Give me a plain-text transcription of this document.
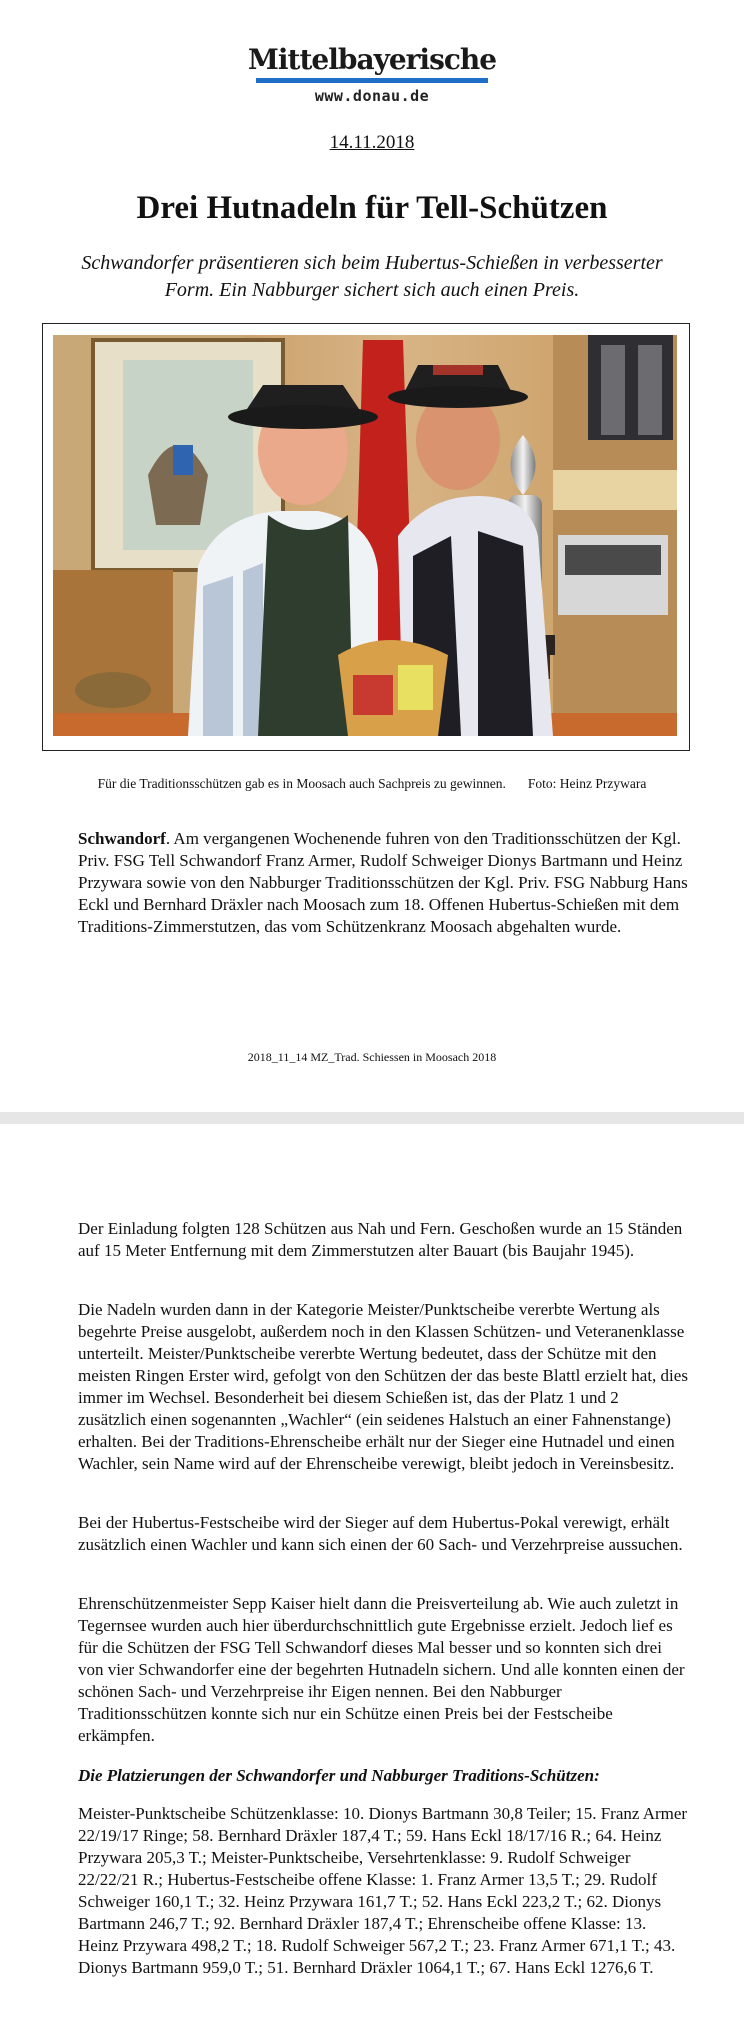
Mittelbayerische
www.donau.de
14.11.2018
Drei Hutnadeln für Tell-Schützen

Schwandorfer präsentieren sich beim Hubertus-Schießen in verbesserter Form. Ein Nabburger sichert sich auch einen Preis.

Für die Traditionsschützen gab es in Moosach auch Sachpreis zu gewinnen. Foto: Heinz Przywara

Schwandorf. Am vergangenen Wochenende fuhren von den Traditionsschützen der Kgl. Priv. FSG Tell Schwandorf Franz Armer, Rudolf Schweiger Dionys Bartmann und Heinz Przywara sowie von den Nabburger Traditionsschützen der Kgl. Priv. FSG Nabburg Hans Eckl und Bernhard Dräxler nach Moosach zum 18. Offenen Hubertus-Schießen mit dem Traditions-Zimmerstutzen, das vom Schützenkranz Moosach abgehalten wurde.

2018_11_14 MZ_Trad. Schiessen in Moosach 2018

Der Einladung folgten 128 Schützen aus Nah und Fern. Geschoßen wurde an 15 Ständen auf 15 Meter Entfernung mit dem Zimmerstutzen alter Bauart (bis Baujahr 1945).

Die Nadeln wurden dann in der Kategorie Meister/Punktscheibe vererbte Wertung als begehrte Preise ausgelobt, außerdem noch in den Klassen Schützen- und Veteranenklasse unterteilt. Meister/Punktscheibe vererbte Wertung bedeutet, dass der Schütze mit den meisten Ringen Erster wird, gefolgt von den Schützen der das beste Blattl erzielt hat, dies immer im Wechsel. Besonderheit bei diesem Schießen ist, das der Platz 1 und 2 zusätzlich einen sogenannten „Wachler“ (ein seidenes Halstuch an einer Fahnenstange) erhalten. Bei der Traditions-Ehrenscheibe erhält nur der Sieger eine Hutnadel und einen Wachler, sein Name wird auf der Ehrenscheibe verewigt, bleibt jedoch in Vereinsbesitz.

Bei der Hubertus-Festscheibe wird der Sieger auf dem Hubertus-Pokal verewigt, erhält zusätzlich einen Wachler und kann sich einen der 60 Sach- und Verzehrpreise aussuchen.

Ehrenschützenmeister Sepp Kaiser hielt dann die Preisverteilung ab. Wie auch zuletzt in Tegernsee wurden auch hier überdurchschnittlich gute Ergebnisse erzielt. Jedoch lief es für die Schützen der FSG Tell Schwandorf dieses Mal besser und so konnten sich drei von vier Schwandorfer eine der begehrten Hutnadeln sichern. Und alle konnten einen der schönen Sach- und Verzehrpreise ihr Eigen nennen. Bei den Nabburger Traditionsschützen konnte sich nur ein Schütze einen Preis bei der Festscheibe erkämpfen.

Die Platzierungen der Schwandorfer und Nabburger Traditions-Schützen:

Meister-Punktscheibe Schützenklasse: 10. Dionys Bartmann 30,8 Teiler; 15. Franz Armer 22/19/17 Ringe; 58. Bernhard Dräxler 187,4 T.; 59. Hans Eckl 18/17/16 R.; 64. Heinz Przywara 205,3 T.; Meister-Punktscheibe, Versehrtenklasse: 9. Rudolf Schweiger 22/22/21 R.; Hubertus-Festscheibe offene Klasse: 1. Franz Armer 13,5 T.; 29. Rudolf Schweiger 160,1 T.; 32. Heinz Przywara 161,7 T.; 52. Hans Eckl 223,2 T.; 62. Dionys Bartmann 246,7 T.; 92. Bernhard Dräxler 187,4 T.; Ehrenscheibe offene Klasse: 13. Heinz Przywara 498,2 T.; 18. Rudolf Schweiger 567,2 T.; 23. Franz Armer 671,1 T.; 43. Dionys Bartmann 959,0 T.; 51. Bernhard Dräxler 1064,1 T.; 67. Hans Eckl 1276,6 T.
